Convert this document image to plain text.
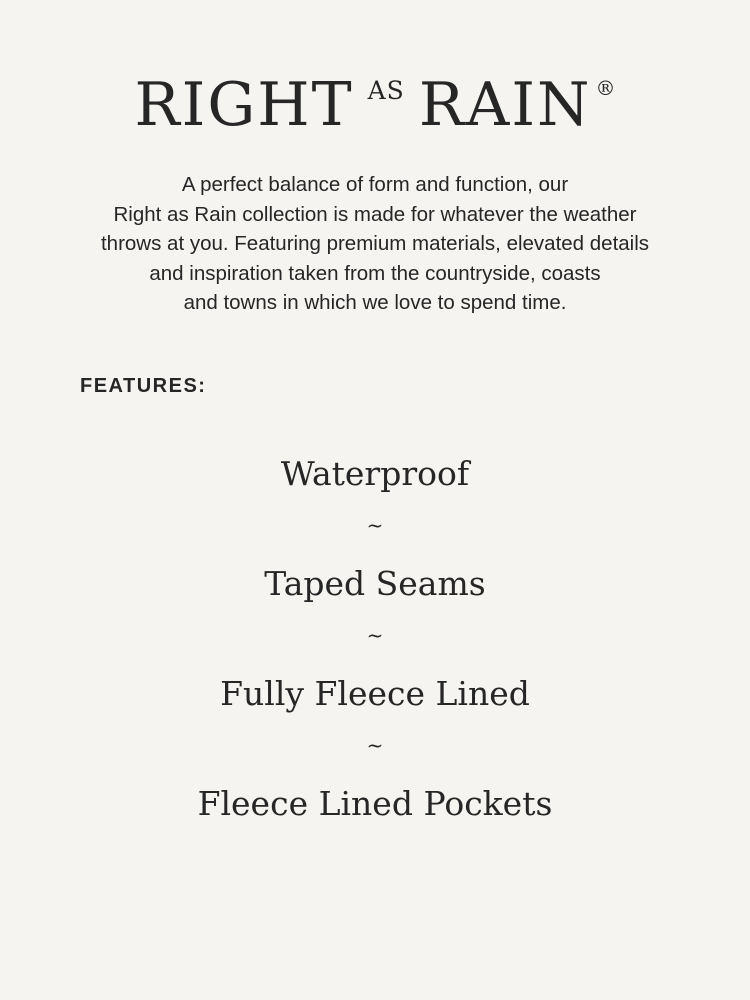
RIGHT AS RAIN ®
A perfect balance of form and function, our
Right as Rain collection is made for whatever the weather
throws at you. Featuring premium materials, elevated details
and inspiration taken from the countryside, coasts
and towns in which we love to spend time.
FEATURES:
Waterproof
~
Taped Seams
~
Fully Fleece Lined
~
Fleece Lined Pockets
